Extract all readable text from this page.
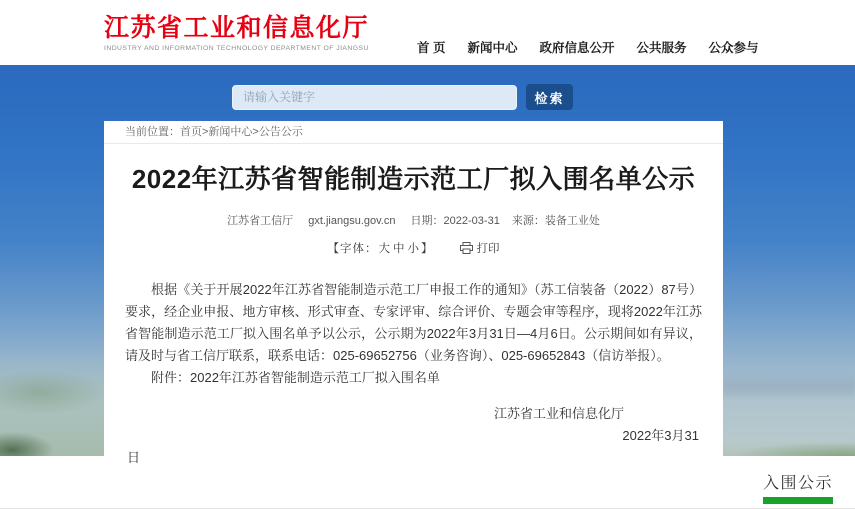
江苏省工业和信息化厅
INDUSTRY AND INFORMATION TECHNOLOGY DEPARTMENT OF JIANGSU	首 页 新闻中心 政府信息公开 公共服务 公众参与
请输入关键字
检索
当前位置：首页>新闻中心>公告公示
2022年江苏省智能制造示范工厂拟入围名单公示
江苏省工信厅 gxt.jiangsu.gov.cn 日期：2022-03-31 来源：装备工业处
【字体：大 中 小】	打印

根据《关于开展2022年江苏省智能制造示范工厂申报工作的通知》（苏工信装备（2022）87号）要求，经企业申报、地方审核、形式审查、专家评审、综合评价、专题会审等程序，现将2022年江苏省智能制造示范工厂拟入围名单予以公示，公示期为2022年3月31日—4月6日。公示期间如有异议，请及时与省工信厅联系，联系电话：025-69652756（业务咨询）、025-69652843（信访举报）。

附件：2022年江苏省智能制造示范工厂拟入围名单
江苏省工业和信息化厅
2022年3月31
日
入围公示
